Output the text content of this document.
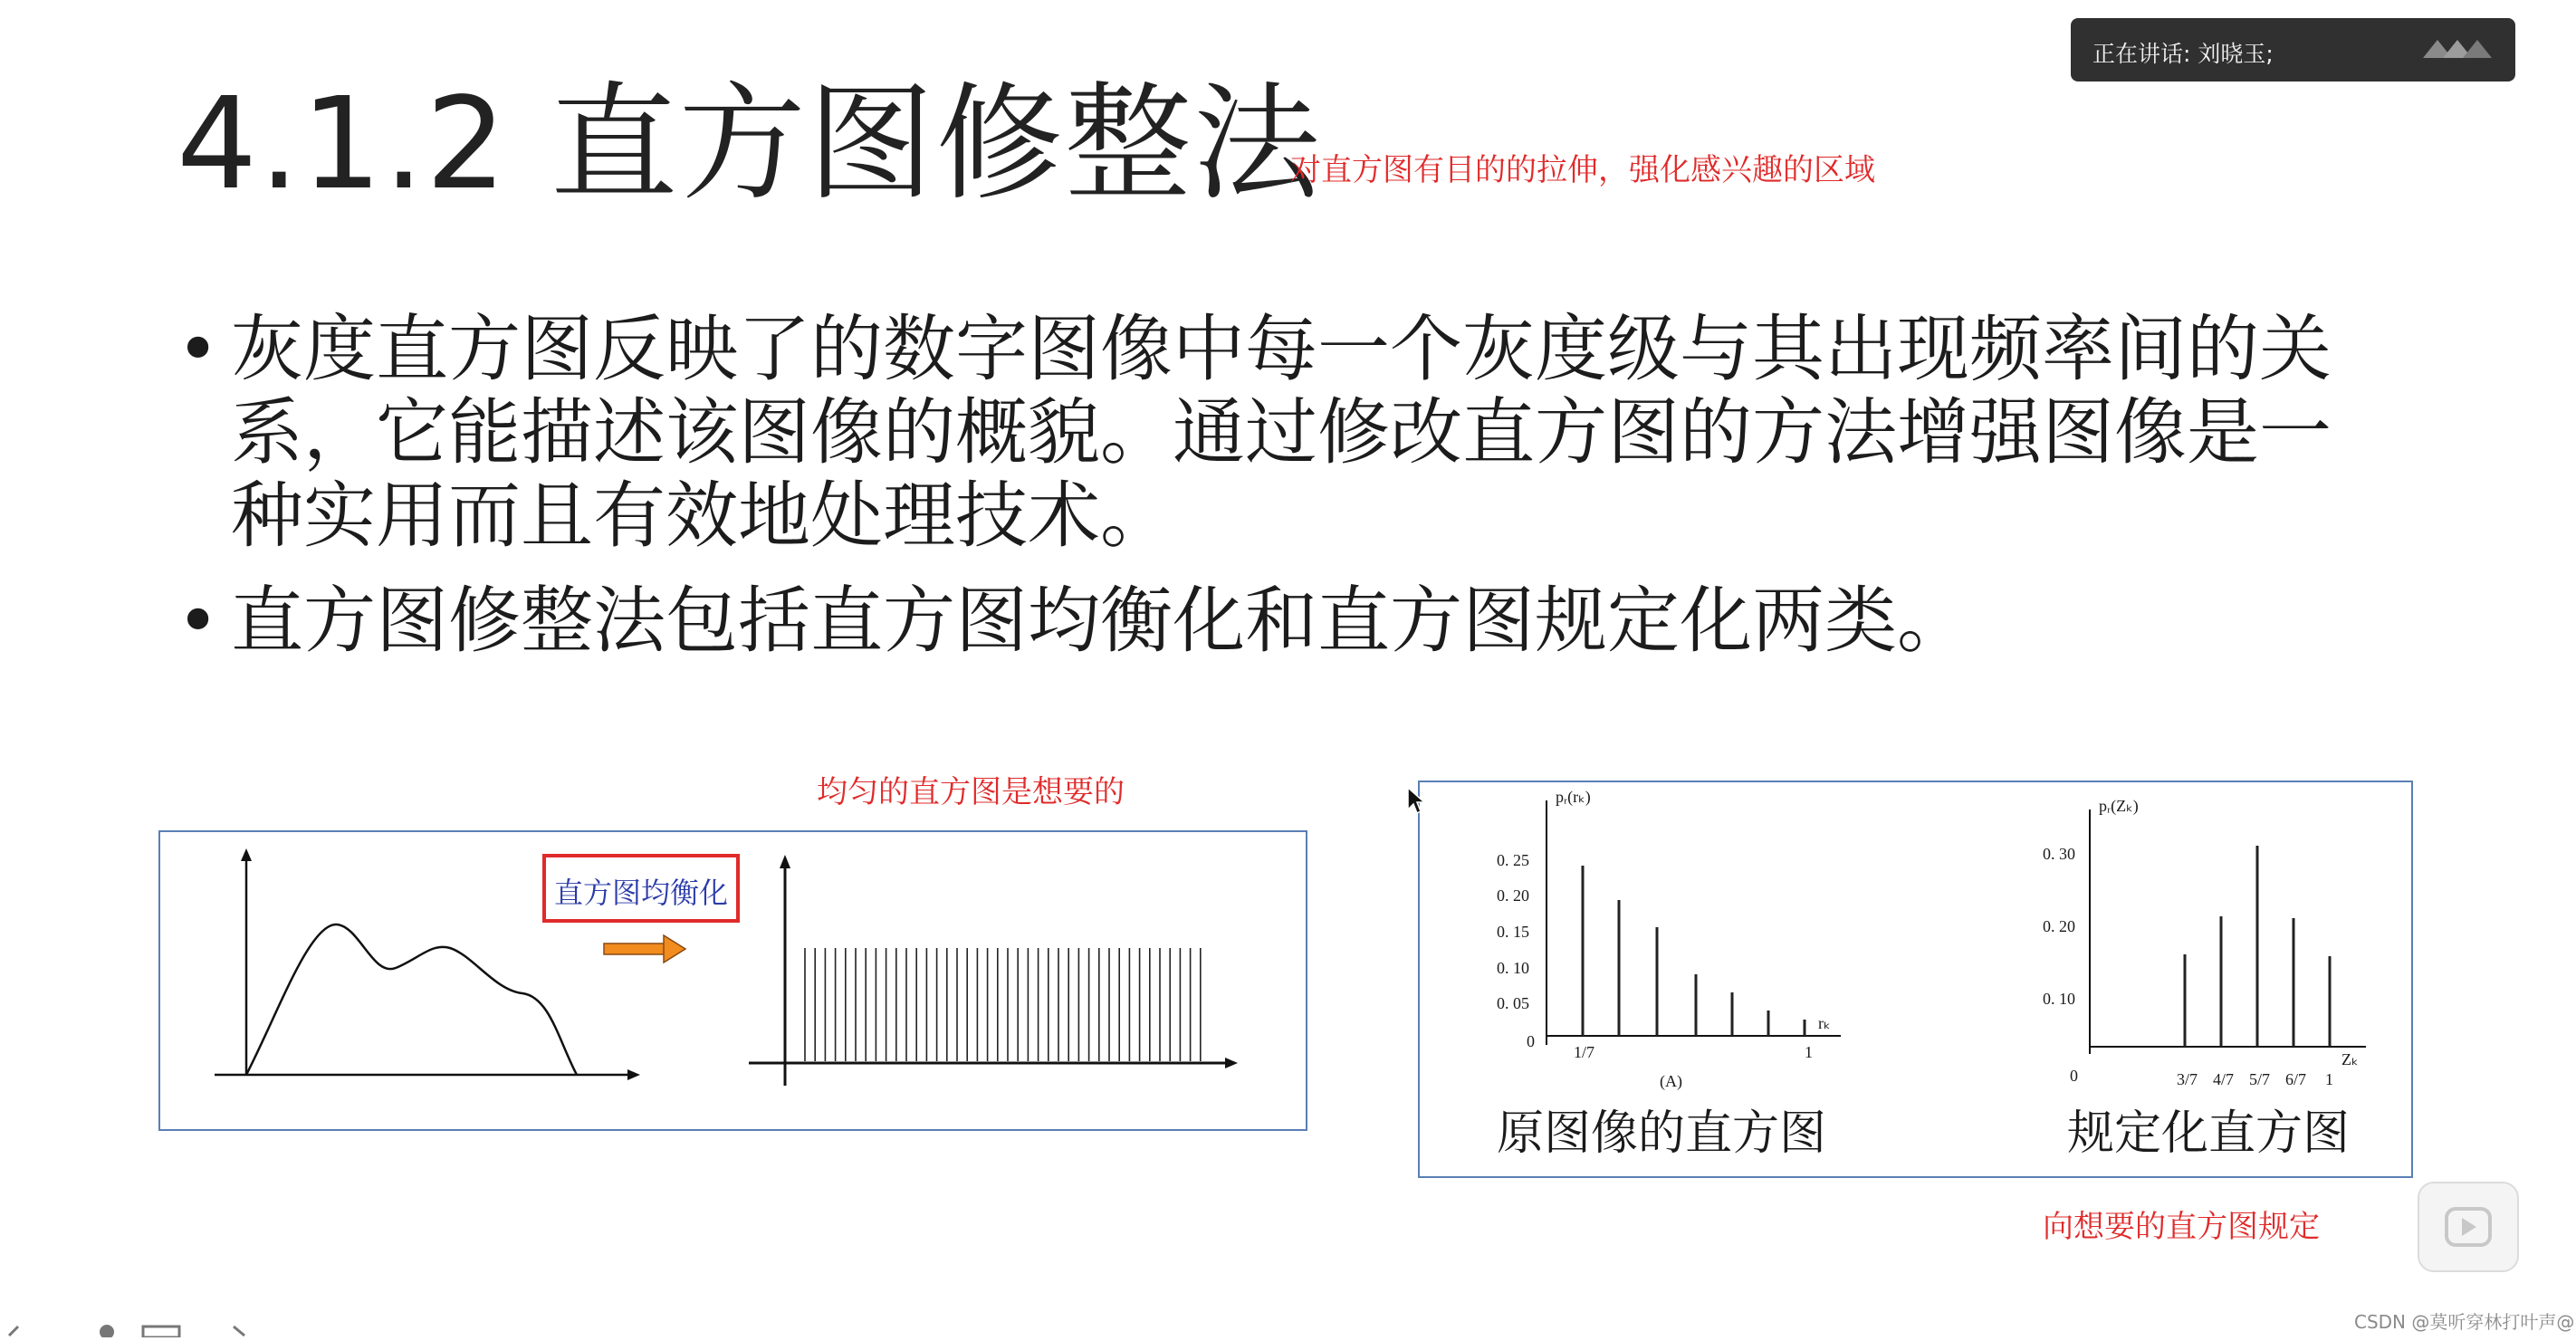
4.1.2 直方图修整法
对直方图有目的的拉伸，强化感兴趣的区域
正在讲话: 刘晓玉;
• 灰度直方图反映了的数字图像中每一个灰度级与其出现频率间的关系，它能描述该图像的概貌。通过修改直方图的方法增强图像是一种实用而且有效地处理技术。
• 直方图修整法包括直方图均衡化和直方图规定化两类。
均匀的直方图是想要的
直方图均衡化
pᵣ(rₖ)
rₖ
0
(A)
0. 25
0. 20
0. 15
0. 10
0. 05
1/7	1
pᵣ(Zₖ)
Zₖ
0
0. 30
0. 20
0. 10
3/7 4/7 5/7 6/7 1
原图像的直方图	规定化直方图
向想要的直方图规定
CSDN @莫听穿林打叶声@
